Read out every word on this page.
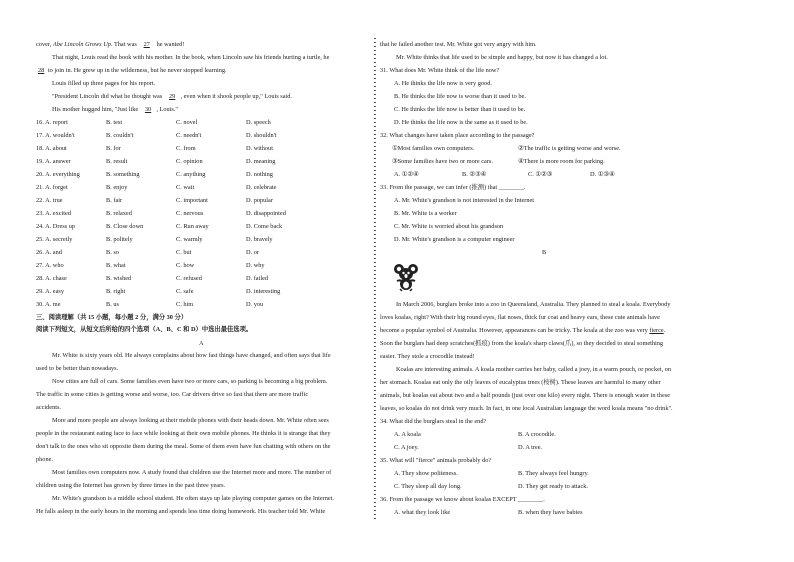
cover, Abe Lincoln Grows Up. That was   27   he wanted!
That night, Louis read the book with his mother. In the book, when Lincoln saw his friends hurting a turtle, he
28 to join in. He grew up in the wilderness, but he never stopped learning.
Louis filled up three pages for his report.
"President Lincoln did what he thought was   29 , even when it shook people up," Louis said.
His mother hugged him, "Just like   30 , Louis."
16. A. report	B. test	C. novel	D. speech
17. A. wouldn't	B. couldn't	C. needn't	D. shouldn't
18. A. about	B. for	C. from	D. without
19. A. answer	B. result	C. opinion	D. meaning
20. A. everything	B. something	C. anything	D. nothing
21. A. forget	B. enjoy	C. wait	D. celebrate
22. A. true	B. fair	C. important	D. popular
23. A. excited	B. relaxed	C. nervous	D. disappointed
24. A. Dress up	B. Close down	C. Run away	D. Come back
25. A. secretly	B. politely	C. warmly	D. bravely
26. A. and	B. so	C. but	D. or
27. A. who	B. what	C. how	D. why
28. A. chase	B. wished	C. refused	D. failed
29. A. easy	B. right	C. safe	D. interesting
30. A. me	B. us	C. him	D. you
三、阅读理解（共 15 小题，每小题 2 分，满分 30 分）
阅读下列短文，从短文后所给的四个选项（A、B、C 和 D）中选出最佳选项。
A
Mr. White is sixty years old. He always complains about how fast things have changed, and often says that life
used to be better than nowadays.
Now cities are full of cars. Some families even have two or more cars, so parking is becoming a big problem.
The traffic in some cities is getting worse and worse, too. Car drivers drive so fast that there are more traffic
accidents.
More and more people are always looking at their mobile phones with their heads down. Mr. White often sees
people in the restaurant eating face to face while looking at their own mobile phones. He thinks it is strange that they
don't talk to the ones who sit opposite them during the meal. Some of them even have fun chatting with others on the
phone.
Most families own computers now. A study found that children use the Internet more and more. The number of
children using the Internet has grown by three times in the past three years.
Mr. White's grandson is a middle school student. He often stays up late playing computer games on the Internet.
He falls asleep in the early hours in the morning and spends less time doing homework. His teacher told Mr. White
that he failed another test. Mr. White got very angry with him.
Mr. White thinks that life used to be simple and happy, but now it has changed a lot.
31. What does Mr. White think of the life now?
A. He thinks the life now is very good.
B. He thinks the life now is worse than it used to be.
C. He thinks the life now is better than it used to be.
D. He thinks the life now is the same as it used to be.
32. What changes have taken place according to the passage?
①Most families own computers.	②The traffic is getting worse and worse.
③Some families have two or more cars.	④There is more room for parking.
A. ①②④	B. ②③④	C. ①②③	D. ①③④
33. From the passage, we can infer (推测) that ________.
A. Mr. White's grandson is not interested in the Internet
B. Mr. White is a worker
C. Mr. White is worried about his grandson
D. Mr. White's grandson is a computer engineer
B
In March 2006, burglars broke into a zoo in Queensland, Australia. They planned to steal a koala. Everybody
loves koalas, right? With their big round eyes, flat noses, thick fur coat and heavy ears, these cute animals have
become a popular symbol of Australia. However, appearances can be tricky. The koala at the zoo was very fierce.
Soon the burglars had deep scratches(抓痕) from the koala's sharp claws(爪), so they decided to steal something
easier. They stole a crocodile instead!
Koalas are interesting animals. A koala mother carries her baby, called a joey, in a warm pouch, or pocket, on
her stomach. Koalas eat only the oily leaves of eucalyptus trees (桉树). These leaves are harmful to many other
animals, but koalas eat about two and a half pounds (just over one kilo) every night. There is enough water in these
leaves, so koalas do not drink very much. In fact, in one local Australian language the word koala means "no drink".
34. What did the burglars steal in the end?
A. A koala	B. A crocodile.
C. A joey.	D. A tree.
35. What will "fierce" animals probably do?
A. They show politeness.	B. They always feel hungry.
C. They sleep all day long.	D. They get ready to attack.
36. From the passage we know about koalas EXCEPT ________.
A. what they look like	B. when they have babies
